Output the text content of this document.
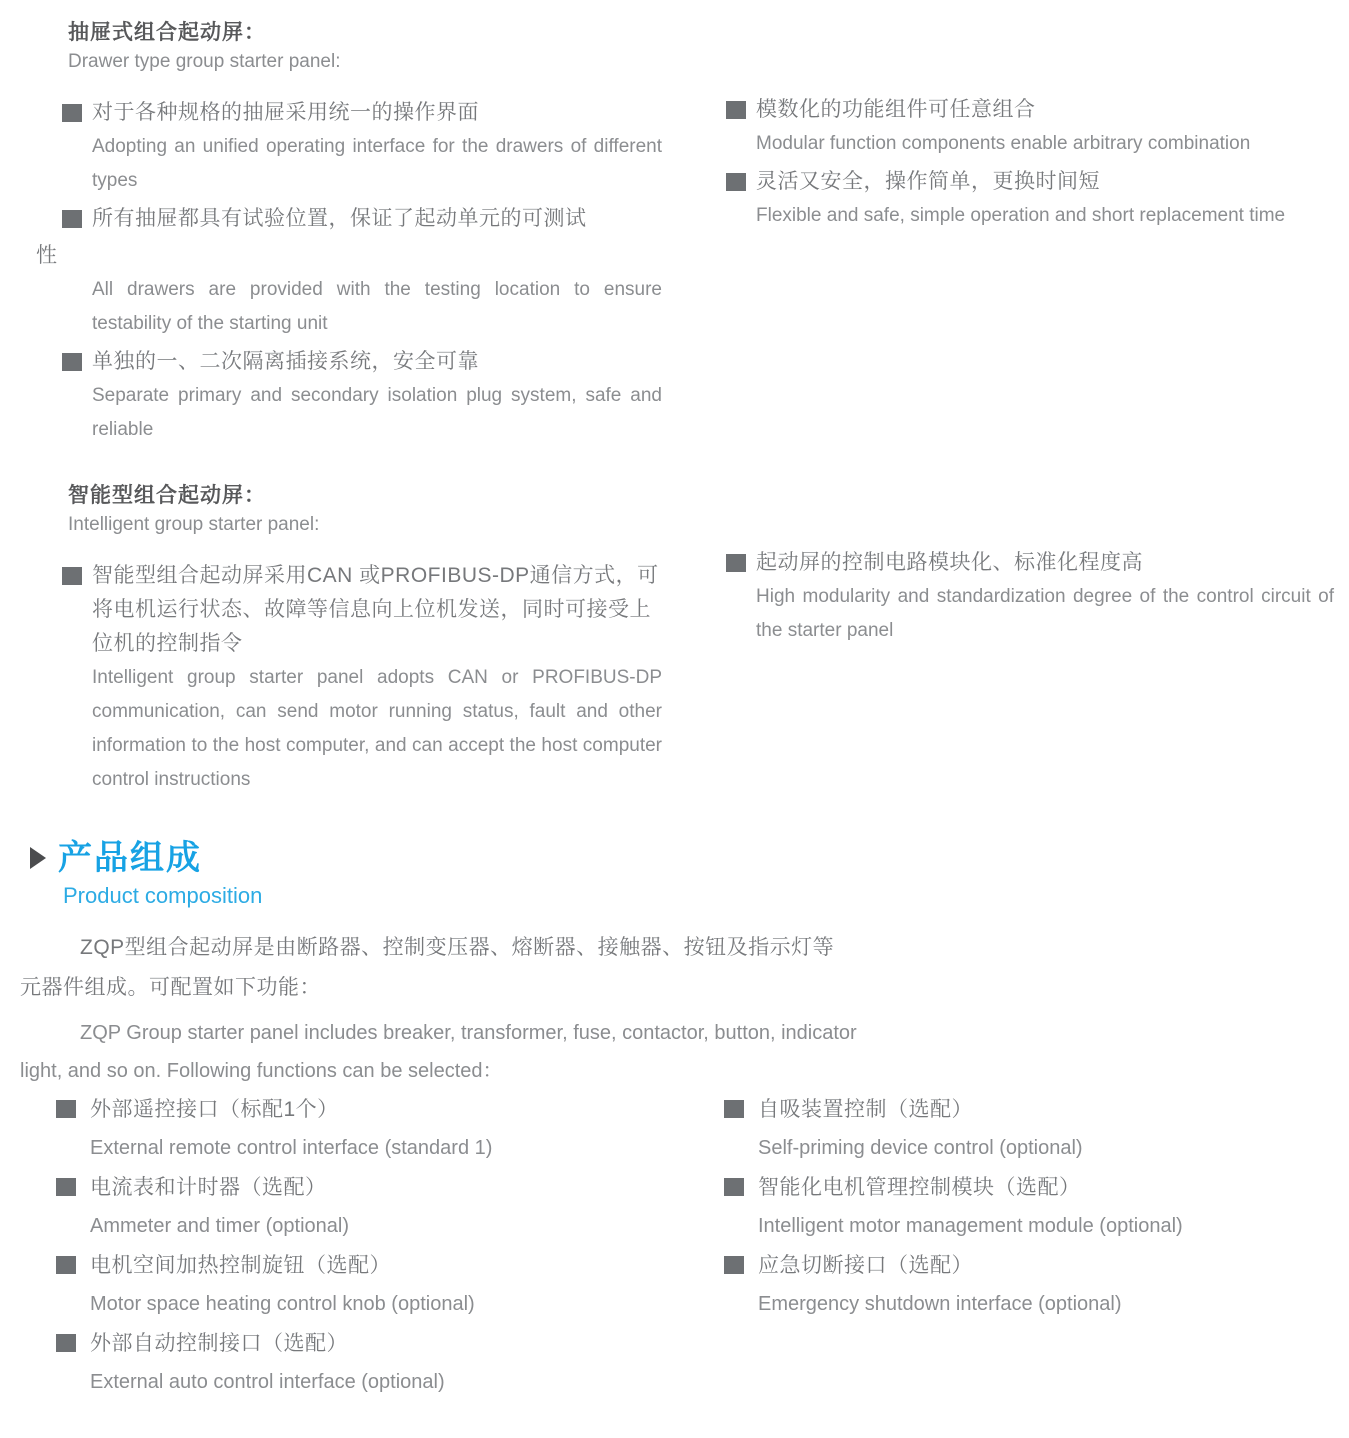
抽屉式组合起动屏：
Drawer type group starter panel:
对于各种规格的抽屉采用统一的操作界面
Adopting an unified operating interface for the drawers of different types
所有抽屉都具有试验位置，保证了起动单元的可测试
性
All drawers are provided with the testing location to ensure testability of the starting unit
单独的一、二次隔离插接系统，安全可靠
Separate primary and secondary isolation plug system, safe and reliable
模数化的功能组件可任意组合
Modular function components enable arbitrary combination
灵活又安全，操作简单，更换时间短
Flexible and safe, simple operation and short replacement time
智能型组合起动屏：
Intelligent group starter panel:
智能型组合起动屏采用CAN 或PROFIBUS-DP通信方式，可将电机运行状态、故障等信息向上位机发送，同时可接受上位机的控制指令
Intelligent group starter panel adopts CAN or PROFIBUS-DP communication, can send motor running status, fault and other information to the host computer, and can accept the host computer control instructions
起动屏的控制电路模块化、标准化程度高
High modularity and standardization degree of the control circuit of the starter panel
产品组成
Product composition
ZQP型组合起动屏是由断路器、控制变压器、熔断器、接触器、按钮及指示灯等
元器件组成。可配置如下功能：
ZQP Group starter panel includes breaker, transformer, fuse, contactor, button, indicator
light, and so on. Following functions can be selected：
外部遥控接口（标配1个）
External remote control interface (standard 1)
电流表和计时器（选配）
Ammeter and timer (optional)
电机空间加热控制旋钮（选配）
Motor space heating control knob (optional)
外部自动控制接口（选配）
External auto control interface (optional)
自吸装置控制（选配）
Self-priming device control (optional)
智能化电机管理控制模块（选配）
Intelligent motor management module (optional)
应急切断接口（选配）
Emergency shutdown interface (optional)
